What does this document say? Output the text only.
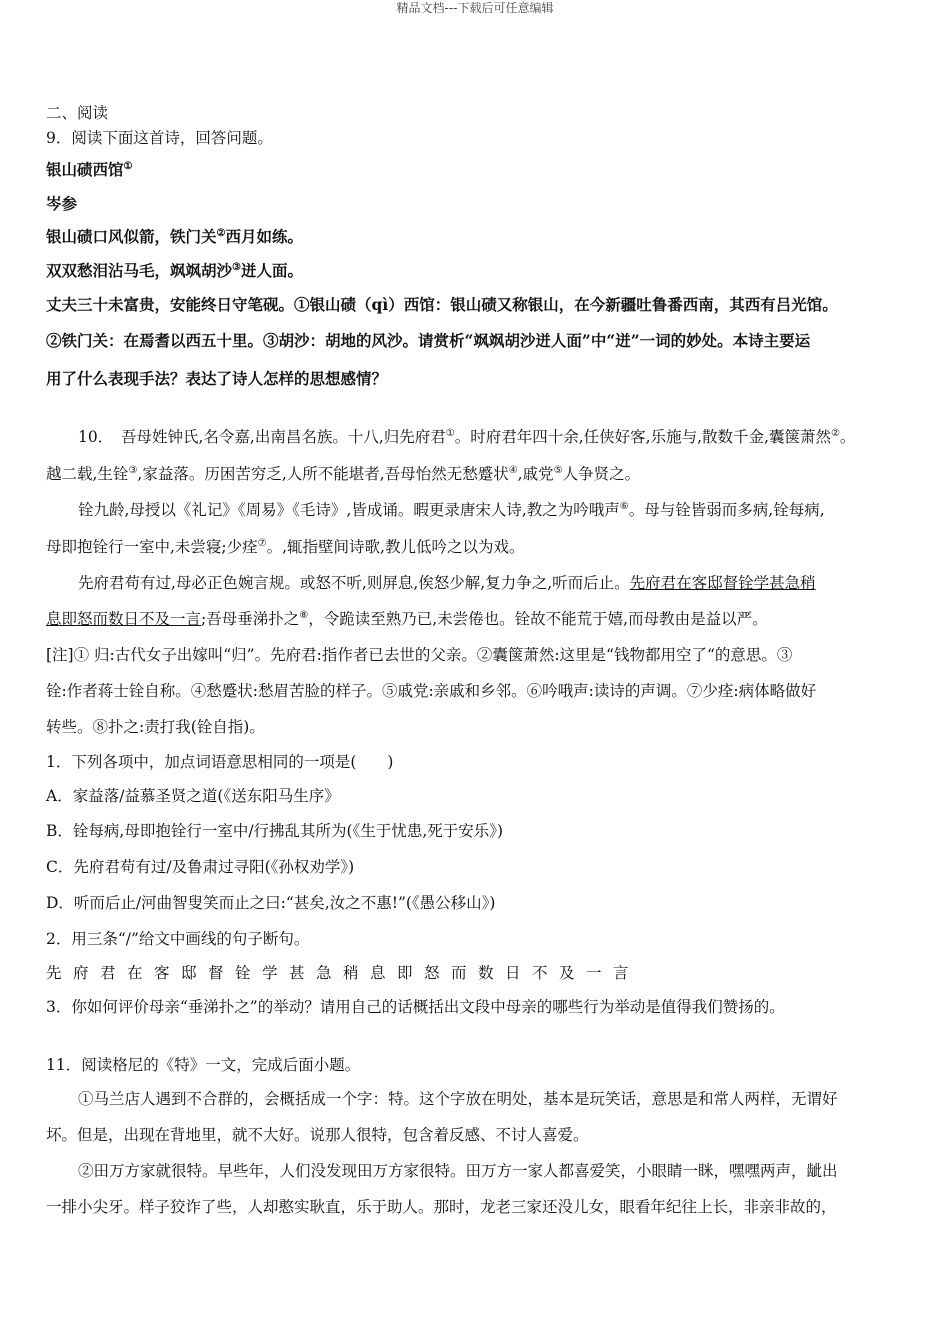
精品文档---下载后可任意编辑
二、阅读
9．阅读下面这首诗，回答问题。
银山碛西馆①
岑参
银山碛口风似箭，铁门关②西月如练。
双双愁泪沾马毛，飒飒胡沙③迸人面。
丈夫三十未富贵，安能终日守笔砚。①银山碛（qì）西馆：银山碛又称银山，在今新疆吐鲁番西南，其西有吕光馆。
②铁门关：在焉耆以西五十里。③胡沙：胡地的风沙。请赏析“飒飒胡沙迸人面”中“迸”一词的妙处。本诗主要运
用了什么表现手法？表达了诗人怎样的思想感情？
10．　吾母姓钟氏,名令嘉,出南昌名族。十八,归先府君①。时府君年四十余,任侠好客,乐施与,散数千金,囊箧萧然②。
越二载,生铨③,家益落。历困苦穷乏,人所不能堪者,吾母怡然无愁蹙状④,戚党⑤人争贤之。
铨九龄,母授以《礼记》《周易》《毛诗》,皆成诵。暇更录唐宋人诗,教之为吟哦声⑥。母与铨皆弱而多病,铨每病,
母即抱铨行一室中,未尝寝;少痊⑦。,辄指壁间诗歌,教儿低吟之以为戏。
先府君苟有过,母必正色婉言规。或怒不听,则屏息,俟怒少解,复力争之,听而后止。先府君在客邸督铨学甚急稍
息即怒而数日不及一言;吾母垂涕扑之⑧，令跪读至熟乃已,未尝倦也。铨故不能荒于嬉,而母教由是益以严。
[注]① 归:古代女子出嫁叫“归”。先府君:指作者已去世的父亲。②囊箧萧然:这里是“钱物都用空了“的意思。③
铨:作者蒋士铨自称。④愁蹙状:愁眉苦脸的样子。⑤戚党:亲戚和乡邻。⑥吟哦声:读诗的声调。⑦少痊:病体略做好
转些。⑧扑之:责打我(铨自指)。
1．下列各项中，加点词语意思相同的一项是(　　)
A．家益落/益慕圣贤之道(《送东阳马生序》
B．铨每病,母即抱铨行一室中/行拂乱其所为(《生于忧患,死于安乐》)
C．先府君苟有过/及鲁肃过寻阳(《孙权劝学》)
D．听而后止/河曲智叟笑而止之曰:“甚矣,汝之不惠!”(《愚公移山》)
2．用三条“/”给文中画线的句子断句。
先府君在客邸督铨学甚急稍息即怒而数日不及一言
3．你如何评价母亲“垂涕扑之”的举动？请用自己的话概括出文段中母亲的哪些行为举动是值得我们赞扬的。
11．阅读格尼的《特》一文，完成后面小题。
①马兰店人遇到不合群的，会概括成一个字：特。这个字放在明处，基本是玩笑话，意思是和常人两样，无谓好
坏。但是，出现在背地里，就不大好。说那人很特，包含着反感、不讨人喜爱。
②田万方家就很特。早些年，人们没发现田万方家很特。田万方一家人都喜爱笑，小眼睛一眯，嘿嘿两声，龇出
一排小尖牙。样子狡诈了些，人却憨实耿直，乐于助人。那时，龙老三家还没儿女，眼看年纪往上长，非亲非故的，
